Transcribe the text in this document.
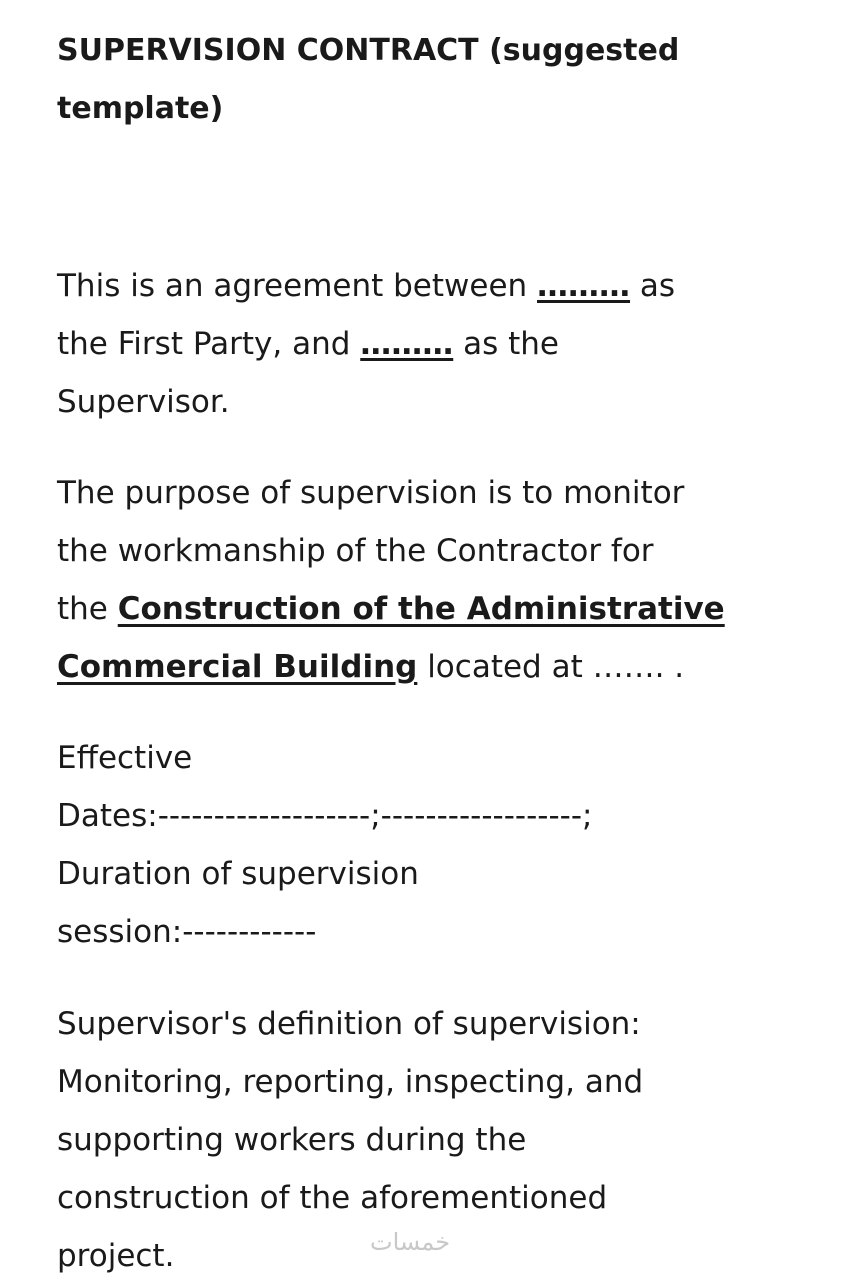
SUPERVISION CONTRACT (suggested
template)

This is an agreement between ……… as
the First Party, and ……… as the
Supervisor.

The purpose of supervision is to monitor
the workmanship of the Contractor for
the Construction of the Administrative
Commercial Building located at ……. .

Effective
Dates:-------------------;------------------;
Duration of supervision
session:------------

Supervisor's definition of supervision:
Monitoring, reporting, inspecting, and
supporting workers during the
construction of the aforementioned
project.	خمسات
